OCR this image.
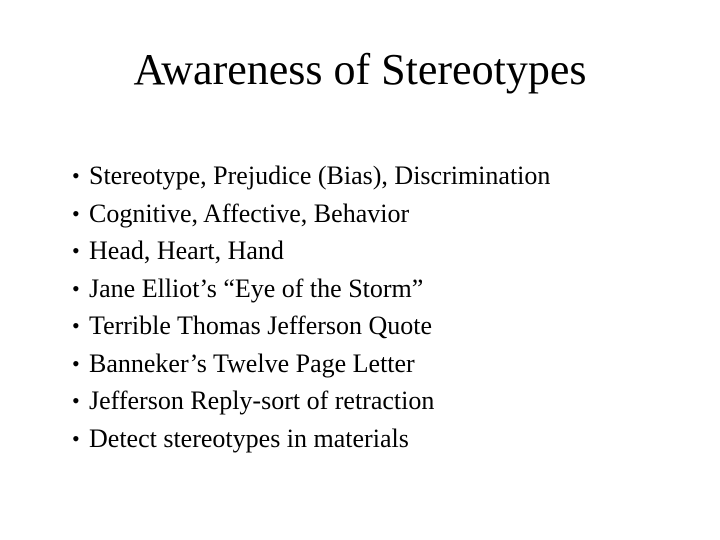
Awareness of Stereotypes
• Stereotype, Prejudice (Bias), Discrimination
• Cognitive, Affective, Behavior
• Head, Heart, Hand
• Jane Elliot’s “Eye of the Storm”
• Terrible Thomas Jefferson Quote
• Banneker’s Twelve Page Letter
• Jefferson Reply-sort of retraction
• Detect stereotypes in materials
